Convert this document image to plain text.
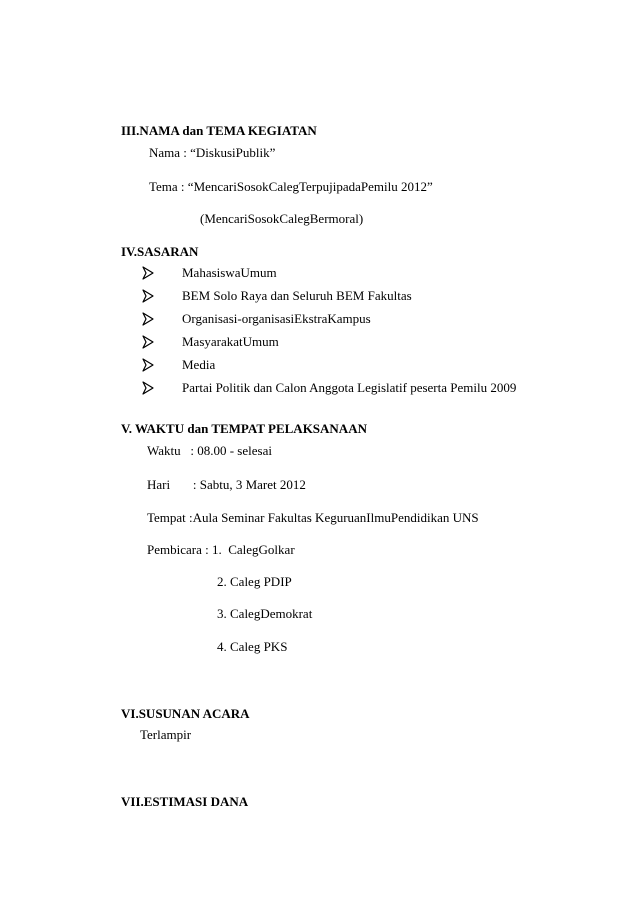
III.NAMA dan TEMA KEGIATAN
Nama : “DiskusiPublik”
Tema : “MencariSosokCalegTerpujipadaPemilu 2012”
(MencariSosokCalegBermoral)
IV.SASARAN
MahasiswaUmum
BEM Solo Raya dan Seluruh BEM Fakultas
Organisasi-organisasiEkstraKampus
MasyarakatUmum
Media
Partai Politik dan Calon Anggota Legislatif peserta Pemilu 2009
V. WAKTU dan TEMPAT PELAKSANAAN
Waktu   : 08.00 - selesai
Hari       : Sabtu, 3 Maret 2012
Tempat :Aula Seminar Fakultas KeguruanIlmuPendidikan UNS
Pembicara : 1.  CalegGolkar
2. Caleg PDIP
3. CalegDemokrat
4. Caleg PKS
VI.SUSUNAN ACARA
Terlampir
VII.ESTIMASI DANA
